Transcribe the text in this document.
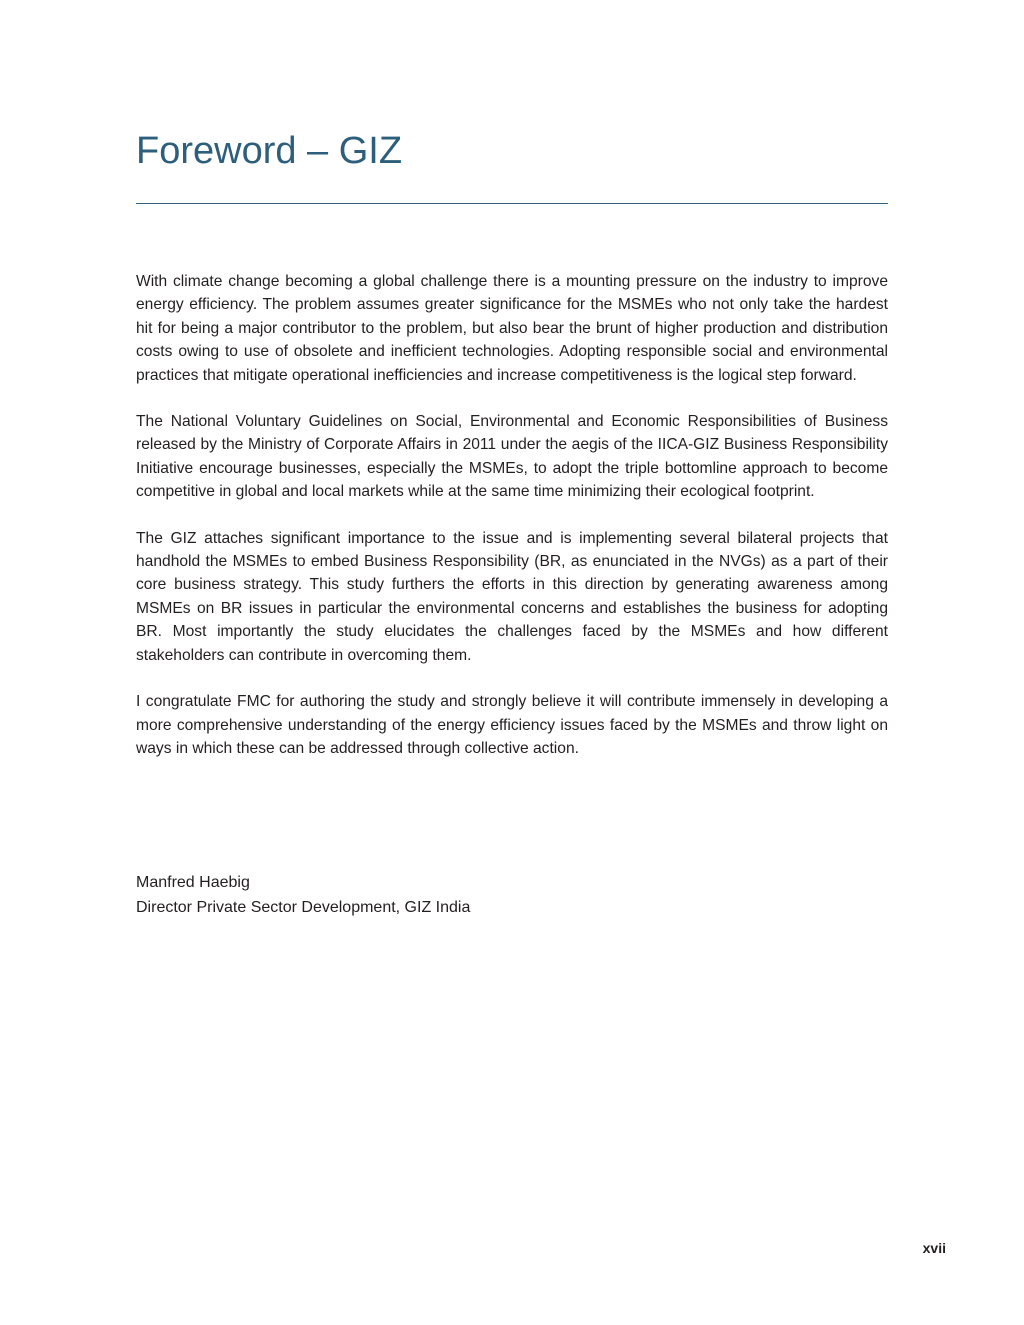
Foreword – GIZ

With climate change becoming a global challenge there is a mounting pressure on the industry to improve energy efficiency. The problem assumes greater significance for the MSMEs who not only take the hardest hit for being a major contributor to the problem, but also bear the brunt of higher production and distribution costs owing to use of obsolete and inefficient technologies. Adopting responsible social and environmental practices that mitigate operational inefficiencies and increase competitiveness is the logical step forward.

The National Voluntary Guidelines on Social, Environmental and Economic Responsibilities of Business released by the Ministry of Corporate Affairs in 2011 under the aegis of the IICA-GIZ Business Responsibility Initiative encourage businesses, especially the MSMEs, to adopt the triple bottomline approach to become competitive in global and local markets while at the same time minimizing their ecological footprint.

The GIZ attaches significant importance to the issue and is implementing several bilateral projects that handhold the MSMEs to embed Business Responsibility (BR, as enunciated in the NVGs) as a part of their core business strategy. This study furthers the efforts in this direction by generating awareness among MSMEs on BR issues in particular the environmental concerns and establishes the business for adopting BR. Most importantly the study elucidates the challenges faced by the MSMEs and how different stakeholders can contribute in overcoming them.

I congratulate FMC for authoring the study and strongly believe it will contribute immensely in developing a more comprehensive understanding of the energy efficiency issues faced by the MSMEs and throw light on ways in which these can be addressed through collective action.

Manfred Haebig
Director Private Sector Development, GIZ India
xvii
